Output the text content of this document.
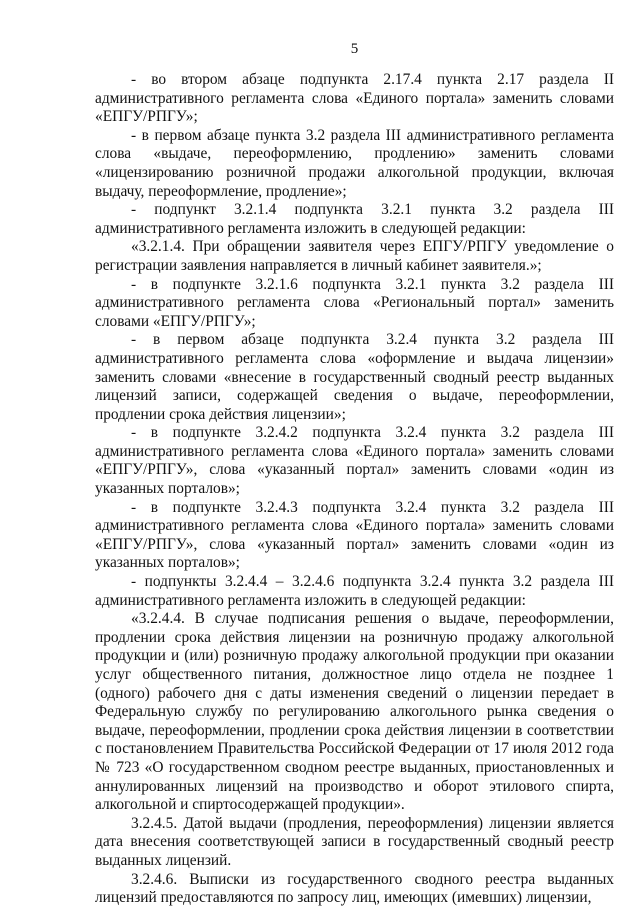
5

- во втором абзаце подпункта 2.17.4 пункта 2.17 раздела II административного регламента слова «Единого портала» заменить словами «ЕПГУ/РПГУ»;

- в первом абзаце пункта 3.2 раздела III административного регламента слова «выдаче, переоформлению, продлению» заменить словами «лицензированию розничной продажи алкогольной продукции, включая выдачу, переоформление, продление»;

- подпункт 3.2.1.4 подпункта 3.2.1 пункта 3.2 раздела III административного регламента изложить в следующей редакции:

«3.2.1.4. При обращении заявителя через ЕПГУ/РПГУ уведомление о регистрации заявления направляется в личный кабинет заявителя.»;

- в подпункте 3.2.1.6 подпункта 3.2.1 пункта 3.2 раздела III административного регламента слова «Региональный портал» заменить словами «ЕПГУ/РПГУ»;

- в первом абзаце подпункта 3.2.4 пункта 3.2 раздела III административного регламента слова «оформление и выдача лицензии» заменить словами «внесение в государственный сводный реестр выданных лицензий записи, содержащей сведения о выдаче, переоформлении, продлении срока действия лицензии»;

- в подпункте 3.2.4.2 подпункта 3.2.4 пункта 3.2 раздела III административного регламента слова «Единого портала» заменить словами «ЕПГУ/РПГУ», слова «указанный портал» заменить словами «один из указанных порталов»;

- в подпункте 3.2.4.3 подпункта 3.2.4 пункта 3.2 раздела III административного регламента слова «Единого портала» заменить словами «ЕПГУ/РПГУ», слова «указанный портал» заменить словами «один из указанных порталов»;

- подпункты 3.2.4.4 – 3.2.4.6 подпункта 3.2.4 пункта 3.2 раздела III административного регламента изложить в следующей редакции:

«3.2.4.4. В случае подписания решения о выдаче, переоформлении, продлении срока действия лицензии на розничную продажу алкогольной продукции и (или) розничную продажу алкогольной продукции при оказании услуг общественного питания, должностное лицо отдела не позднее 1 (одного) рабочего дня с даты изменения сведений о лицензии передает в Федеральную службу по регулированию алкогольного рынка сведения о выдаче, переоформлении, продлении срока действия лицензии в соответствии с постановлением Правительства Российской Федерации от 17 июля 2012 года № 723 «О государственном сводном реестре выданных, приостановленных и аннулированных лицензий на производство и оборот этилового спирта, алкогольной и спиртосодержащей продукции».

3.2.4.5. Датой выдачи (продления, переоформления) лицензии является дата внесения соответствующей записи в государственный сводный реестр выданных лицензий.

3.2.4.6. Выписки из государственного сводного реестра выданных лицензий предоставляются по запросу лиц, имеющих (имевших) лицензии,
